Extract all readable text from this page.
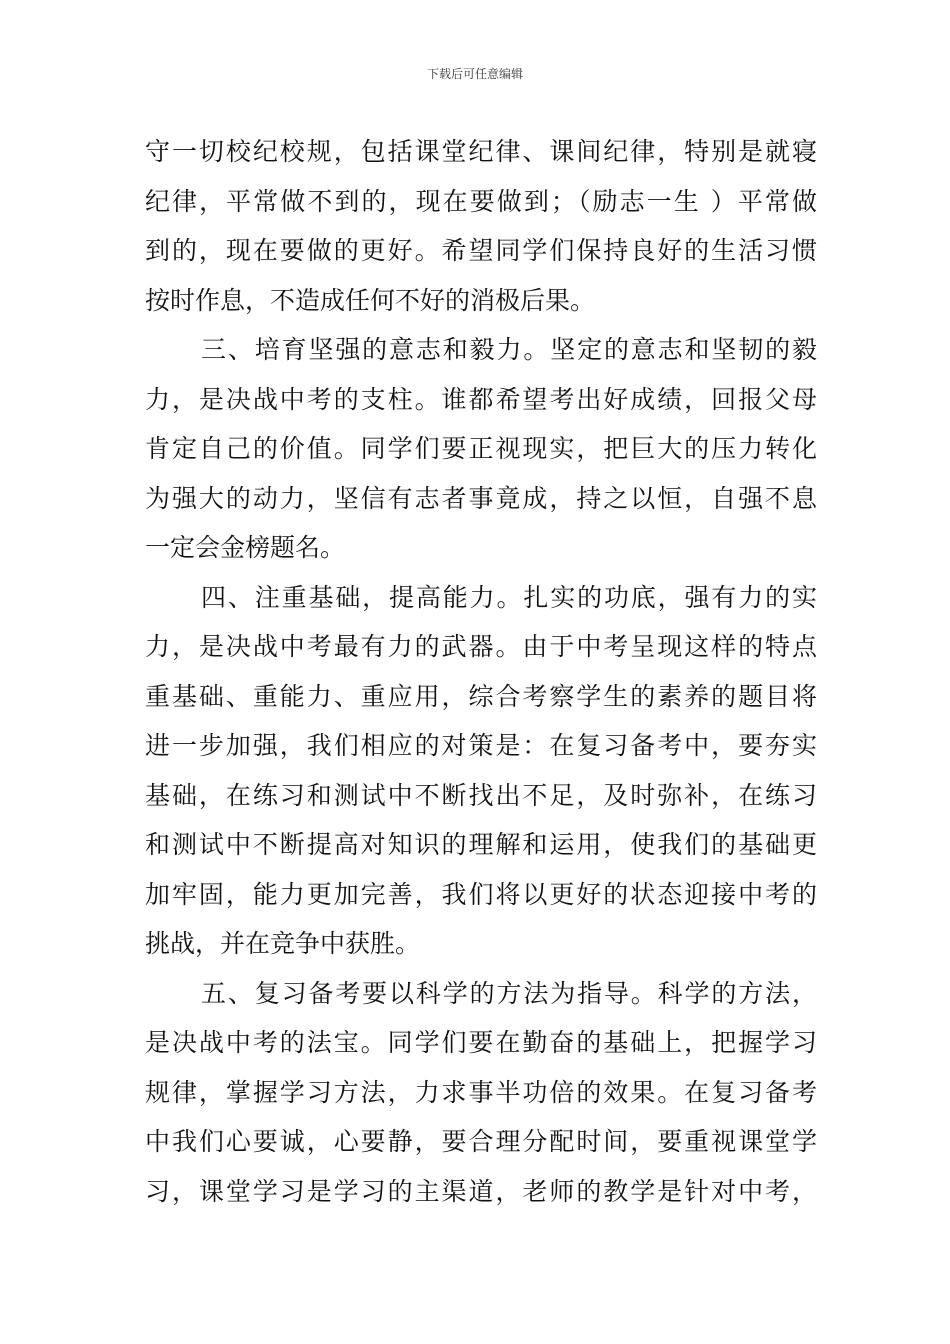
下载后可任意编辑
守一切校纪校规，包括课堂纪律、课间纪律，特别是就寝
纪律，平常做不到的，现在要做到；（励志一生 ）平常做
到的，现在要做的更好。希望同学们保持良好的生活习惯
按时作息，不造成任何不好的消极后果。
三、培育坚强的意志和毅力。坚定的意志和坚韧的毅
力，是决战中考的支柱。谁都希望考出好成绩，回报父母
肯定自己的价值。同学们要正视现实，把巨大的压力转化
为强大的动力，坚信有志者事竟成，持之以恒，自强不息
一定会金榜题名。
四、注重基础，提高能力。扎实的功底，强有力的实
力，是决战中考最有力的武器。由于中考呈现这样的特点
重基础、重能力、重应用，综合考察学生的素养的题目将
进一步加强，我们相应的对策是：在复习备考中，要夯实
基础，在练习和测试中不断找出不足，及时弥补，在练习
和测试中不断提高对知识的理解和运用，使我们的基础更
加牢固，能力更加完善，我们将以更好的状态迎接中考的
挑战，并在竞争中获胜。
五、复习备考要以科学的方法为指导。科学的方法，
是决战中考的法宝。同学们要在勤奋的基础上，把握学习
规律，掌握学习方法，力求事半功倍的效果。在复习备考
中我们心要诚，心要静，要合理分配时间，要重视课堂学
习，课堂学习是学习的主渠道，老师的教学是针对中考，
